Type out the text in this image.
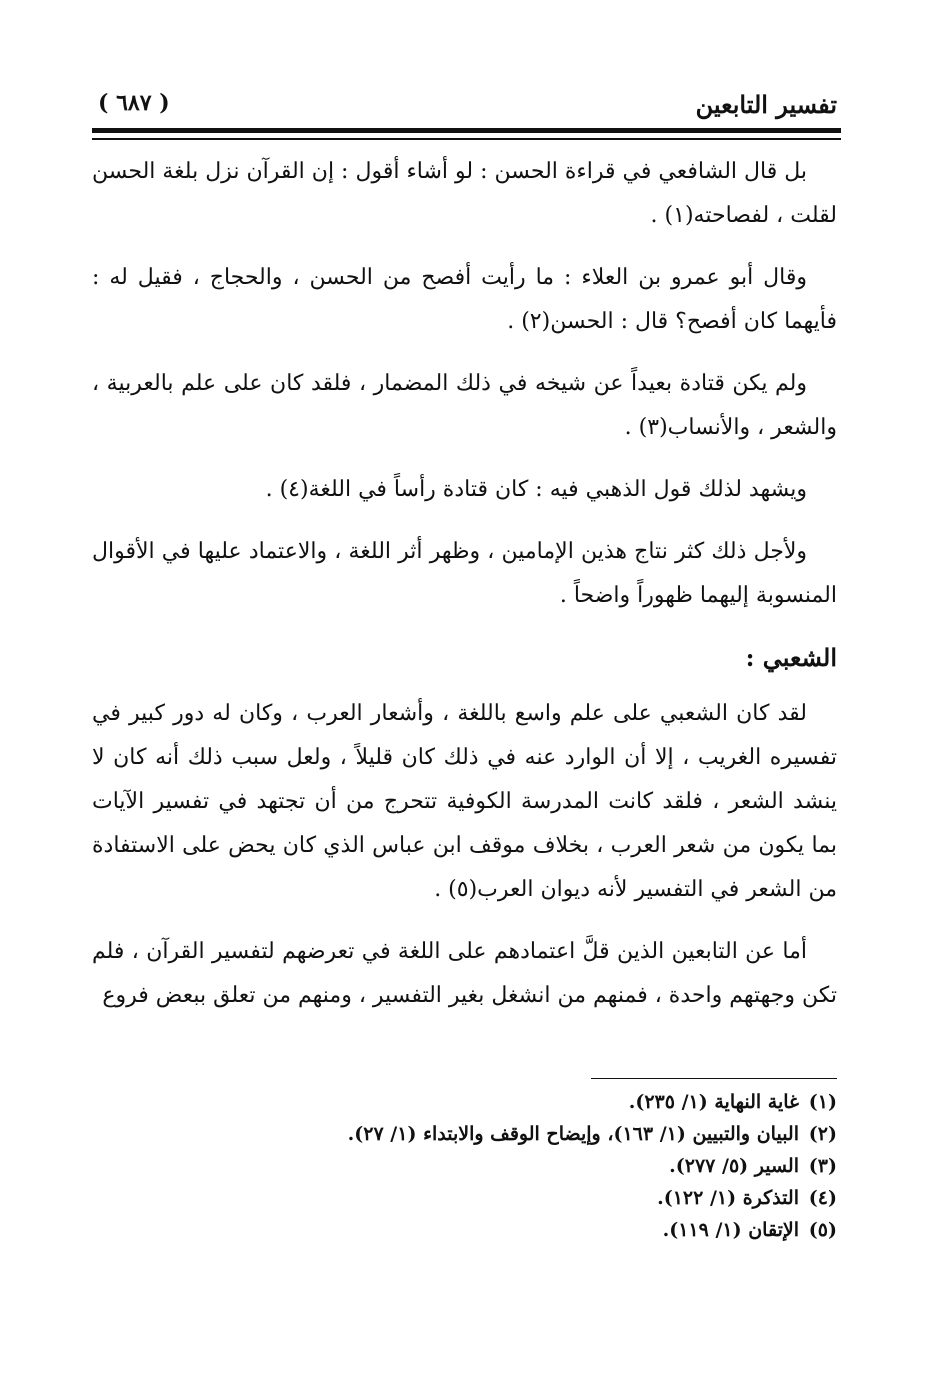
تفسير التابعين
( ٦٨٧ )

بل قال الشافعي في قراءة الحسن : لو أشاء أقول : إن القرآن نزل بلغة الحسن لقلت ، لفصاحته(١) .

وقال أبو عمرو بن العلاء : ما رأيت أفصح من الحسن ، والحجاج ، فقيل له : فأيهما كان أفصح؟ قال : الحسن(٢) .

ولم يكن قتادة بعيداً عن شيخه في ذلك المضمار ، فلقد كان على علم بالعربية ، والشعر ، والأنساب(٣) .

ويشهد لذلك قول الذهبي فيه : كان قتادة رأساً في اللغة(٤) .

ولأجل ذلك كثر نتاج هذين الإمامين ، وظهر أثر اللغة ، والاعتماد عليها في الأقوال المنسوبة إليهما ظهوراً واضحاً .

الشعبي :

لقد كان الشعبي على علم واسع باللغة ، وأشعار العرب ، وكان له دور كبير في تفسيره الغريب ، إلا أن الوارد عنه في ذلك كان قليلاً ، ولعل سبب ذلك أنه كان لا ينشد الشعر ، فلقد كانت المدرسة الكوفية تتحرج من أن تجتهد في تفسير الآيات بما يكون من شعر العرب ، بخلاف موقف ابن عباس الذي كان يحض على الاستفادة من الشعر في التفسير لأنه ديوان العرب(٥) .

أما عن التابعين الذين قلَّ اعتمادهم على اللغة في تعرضهم لتفسير القرآن ، فلم تكن وجهتهم واحدة ، فمنهم من انشغل بغير التفسير ، ومنهم من تعلق ببعض فروع

(١)غاية النهاية (١/ ٢٣٥).

(٢)البيان والتبيين (١/ ١٦٣)، وإيضاح الوقف والابتداء (١/ ٢٧).

(٣)السير (٥/ ٢٧٧).

(٤)التذكرة (١/ ١٢٢).

(٥)الإتقان (١/ ١١٩).
